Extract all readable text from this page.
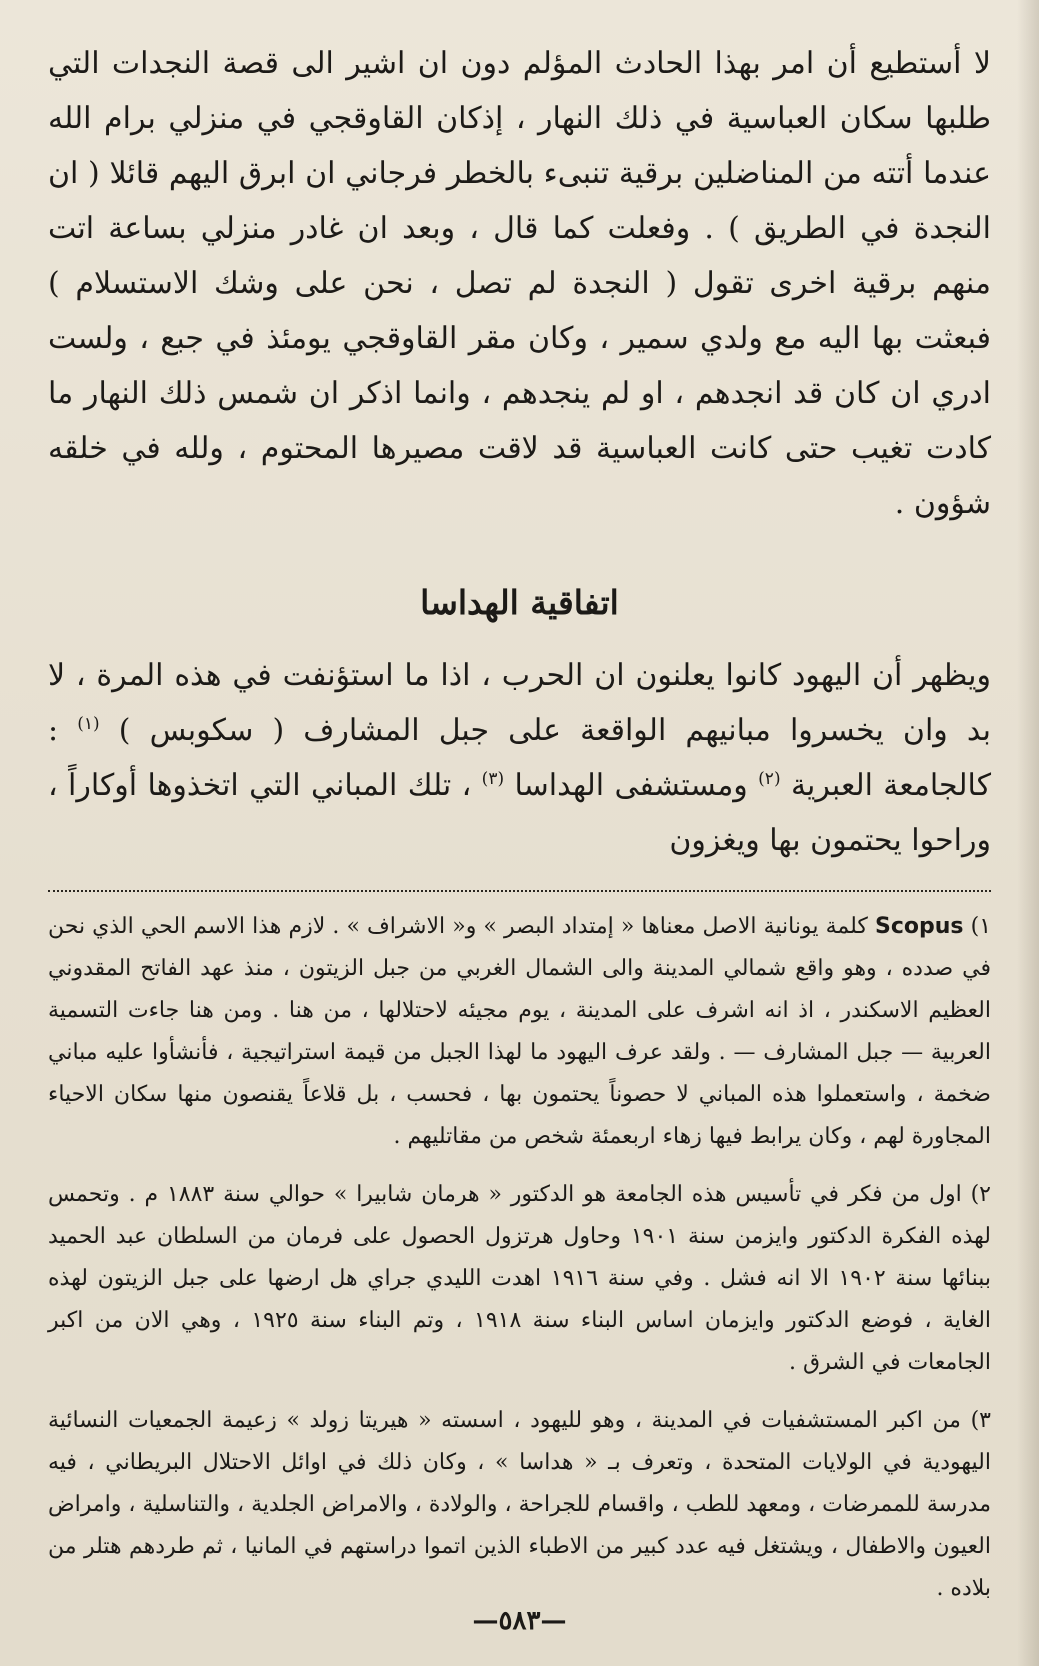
لا أستطيع أن امر بهذا الحادث المؤلم دون ان اشير الى قصة النجدات التي طلبها سكان العباسية في ذلك النهار ، إذكان القاوقجي في منزلي برام الله عندما أتته من المناضلين برقية تنبىء بالخطر فرجاني ان ابرق اليهم قائلا ( ان النجدة في الطريق ) . وفعلت كما قال ، وبعد ان غادر منزلي بساعة اتت منهم برقية اخرى تقول ( النجدة لم تصل ، نحن على وشك الاستسلام ) فبعثت بها اليه مع ولدي سمير ، وكان مقر القاوقجي يومئذ في جبع ، ولست ادري ان كان قد انجدهم ، او لم ينجدهم ، وانما اذكر ان شمس ذلك النهار ما كادت تغيب حتى كانت العباسية قد لاقت مصيرها المحتوم ، ولله في خلقه شؤون .

اتفاقية الهداسا

ويظهر أن اليهود كانوا يعلنون ان الحرب ، اذا ما استؤنفت في هذه المرة ، لا بد وان يخسروا مبانيهم الواقعة على جبل المشارف ( سكوبس ) $^{(١)}$ : كالجامعة العبرية $^{(٢)}$ ومستشفى الهداسا $^{(٣)}$ ، تلك المباني التي اتخذوها أوكاراً ، وراحوا يحتمون بها ويغزون

١) Scopus كلمة يونانية الاصل معناها « إمتداد البصر » و« الاشراف » . لازم هذا الاسم الحي الذي نحن في صدده ، وهو واقع شمالي المدينة والى الشمال الغربي من جبل الزيتون ، منذ عهد الفاتح المقدوني العظيم الاسكندر ، اذ انه اشرف على المدينة ، يوم مجيئه لاحتلالها ، من هنا . ومن هنا جاءت التسمية العربية — جبل المشارف — . ولقد عرف اليهود ما لهذا الجبل من قيمة استراتيجية ، فأنشأوا عليه مباني ضخمة ، واستعملوا هذه المباني لا حصوناً يحتمون بها ، فحسب ، بل قلاعاً يقنصون منها سكان الاحياء المجاورة لهم ، وكان يرابط فيها زهاء اربعمئة شخص من مقاتليهم .

٢) اول من فكر في تأسيس هذه الجامعة هو الدكتور « هرمان شابيرا » حوالي سنة ١٨٨٣ م . وتحمس لهذه الفكرة الدكتور وايزمن سنة ١٩٠١ وحاول هرتزول الحصول على فرمان من السلطان عبد الحميد ببنائها سنة ١٩٠٢ الا انه فشل . وفي سنة ١٩١٦ اهدت الليدي جراي هل ارضها على جبل الزيتون لهذه الغاية ، فوضع الدكتور وايزمان اساس البناء سنة ١٩١٨ ، وتم البناء سنة ١٩٢٥ ، وهي الان من اكبر الجامعات في الشرق .

٣) من اكبر المستشفيات في المدينة ، وهو لليهود ، اسسته « هيريتا زولد » زعيمة الجمعيات النسائية اليهودية في الولايات المتحدة ، وتعرف بـ « هداسا » ، وكان ذلك في اوائل الاحتلال البريطاني ، فيه مدرسة للممرضات ، ومعهد للطب ، واقسام للجراحة ، والولادة ، والامراض الجلدية ، والتناسلية ، وامراض العيون والاطفال ، ويشتغل فيه عدد كبير من الاطباء الذين اتموا دراستهم في المانيا ، ثم طردهم هتلر من بلاده .

—٥٨٣—
